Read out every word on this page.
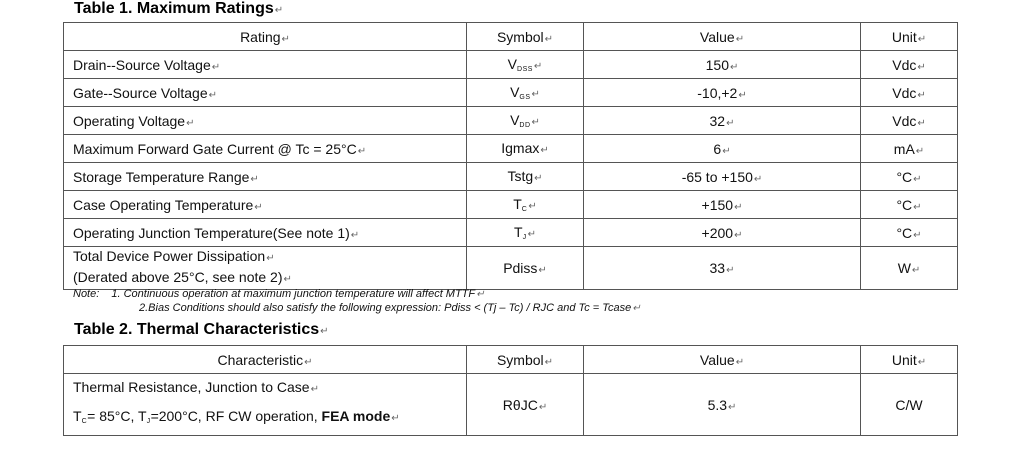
Table 1. Maximum Ratings↵
Rating↵	Symbol↵	Value↵	Unit↵
Drain--Source Voltage↵	$V_{DSS}↵$	150↵	Vdc↵
Gate--Source Voltage↵	$V_{GS}↵$	-10,+2↵	Vdc↵
Operating Voltage↵	$V_{DD}↵$	32↵	Vdc↵
Maximum Forward Gate Current @ Tc = 25°C↵	Igmax↵	6↵	mA↵
Storage Temperature Range↵	Tstg↵	-65 to +150↵	°C↵
Case Operating Temperature↵	$T_C↵$	+150↵	°C↵
Operating Junction Temperature(See note 1)↵	$T_J↵$	+200↵	°C↵

Total Device Power Dissipation↵
(Derated above 25°C, see note 2)↵	Pdiss↵	33↵	W↵
Note: 1. Continuous operation at maximum junction temperature will affect MTTF↵
2.Bias Conditions should also satisfy the following expression: Pdiss < (Tj – Tc) / RJC and Tc = Tcase↵
Table 2. Thermal Characteristics↵
Characteristic↵	Symbol↵	Value↵	Unit↵

Thermal Resistance, Junction to Case↵
$T_C= 85^\circ C$, $T_J=200^\circ C$, RF CW operation, FEA mode↵	RθJC↵	5.3↵	C/W
